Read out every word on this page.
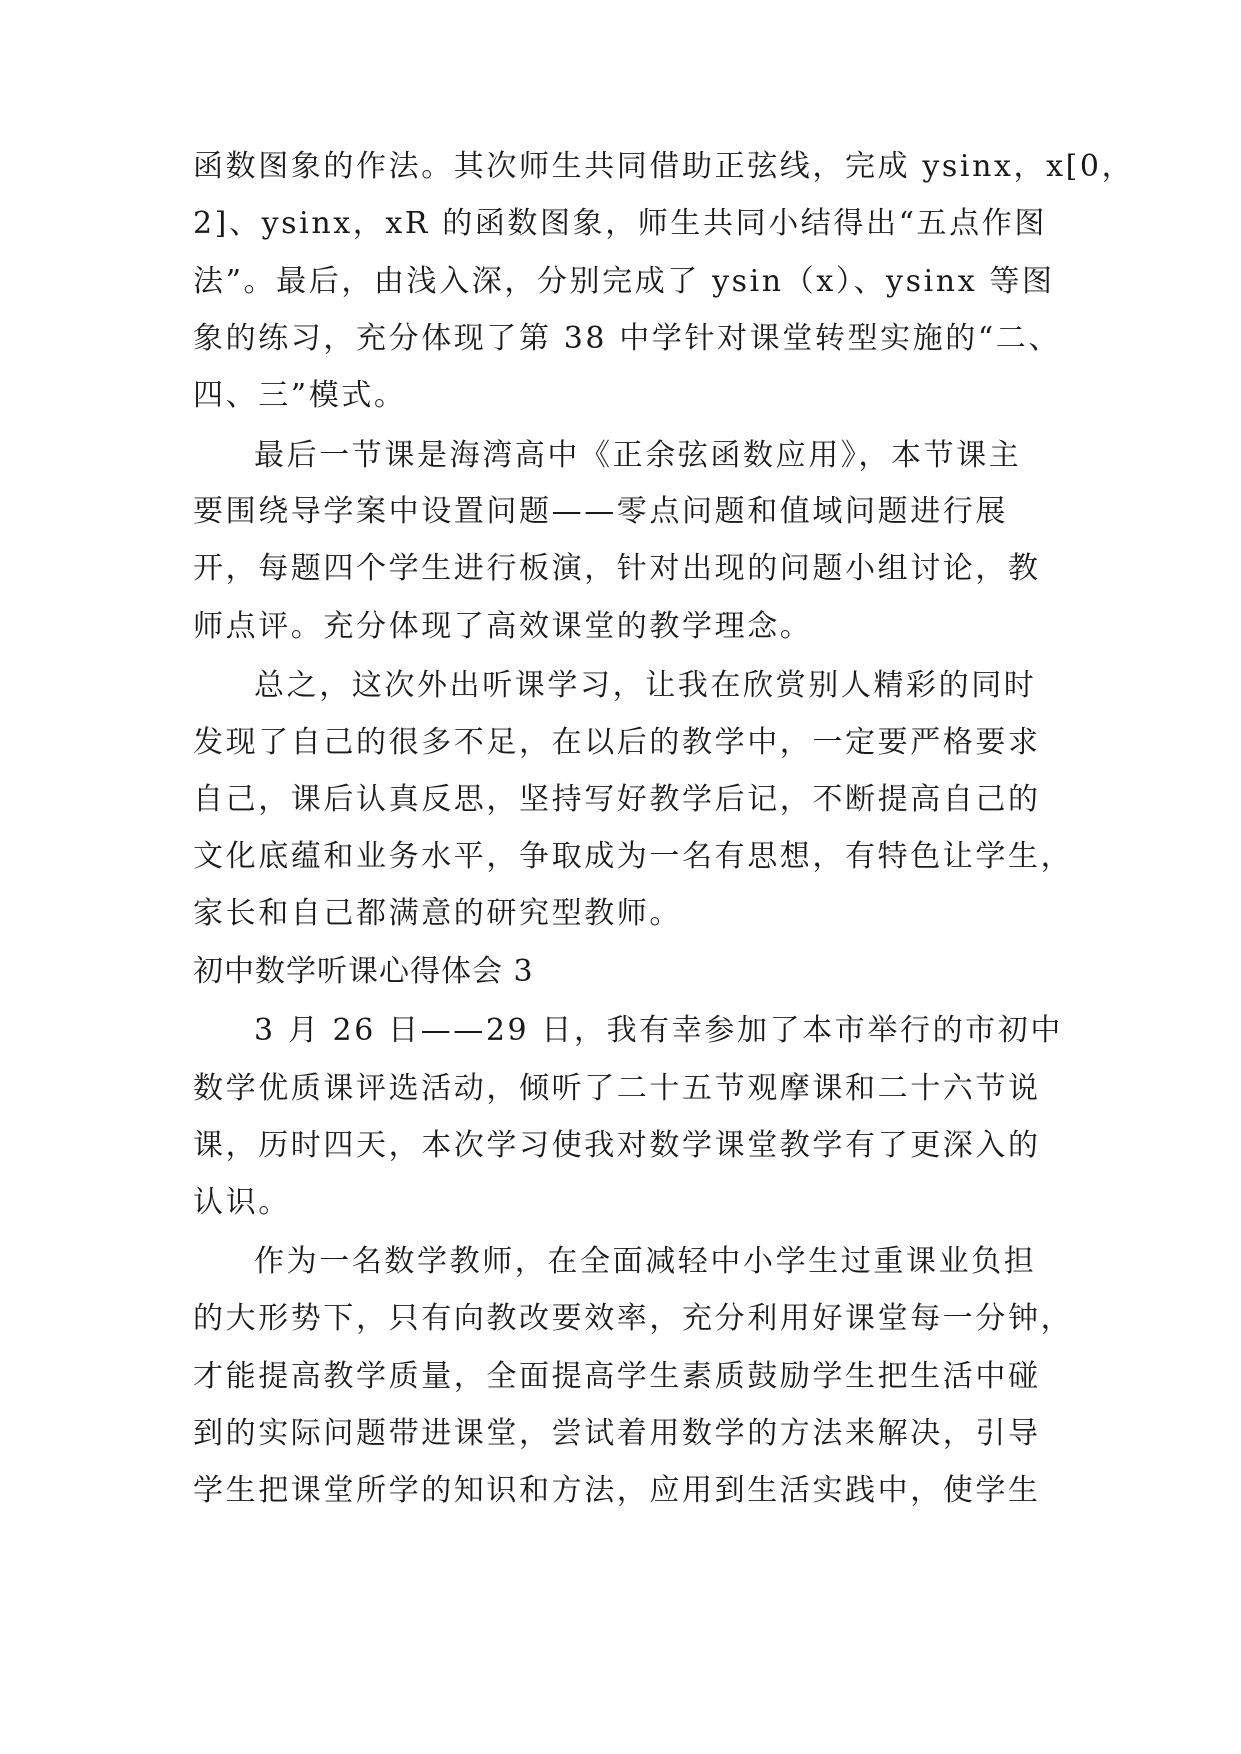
函数图象的作法。其次师生共同借助正弦线，完成 ysinx，x[0，
2]、ysinx，xR 的函数图象，师生共同小结得出“五点作图
法”。最后，由浅入深，分别完成了 ysin（x）、ysinx 等图
象的练习，充分体现了第 38 中学针对课堂转型实施的“二、
四、三”模式。
最后一节课是海湾高中《正余弦函数应用》，本节课主
要围绕导学案中设置问题——零点问题和值域问题进行展
开，每题四个学生进行板演，针对出现的问题小组讨论，教
师点评。充分体现了高效课堂的教学理念。
总之，这次外出听课学习，让我在欣赏别人精彩的同时
发现了自己的很多不足，在以后的教学中，一定要严格要求
自己，课后认真反思，坚持写好教学后记，不断提高自己的
文化底蕴和业务水平，争取成为一名有思想，有特色让学生，
家长和自己都满意的研究型教师。
初中数学听课心得体会 3
3 月 26 日——29 日，我有幸参加了本市举行的市初中
数学优质课评选活动，倾听了二十五节观摩课和二十六节说
课，历时四天，本次学习使我对数学课堂教学有了更深入的
认识。
作为一名数学教师，在全面减轻中小学生过重课业负担
的大形势下，只有向教改要效率，充分利用好课堂每一分钟，
才能提高教学质量，全面提高学生素质鼓励学生把生活中碰
到的实际问题带进课堂，尝试着用数学的方法来解决，引导
学生把课堂所学的知识和方法，应用到生活实践中，使学生
